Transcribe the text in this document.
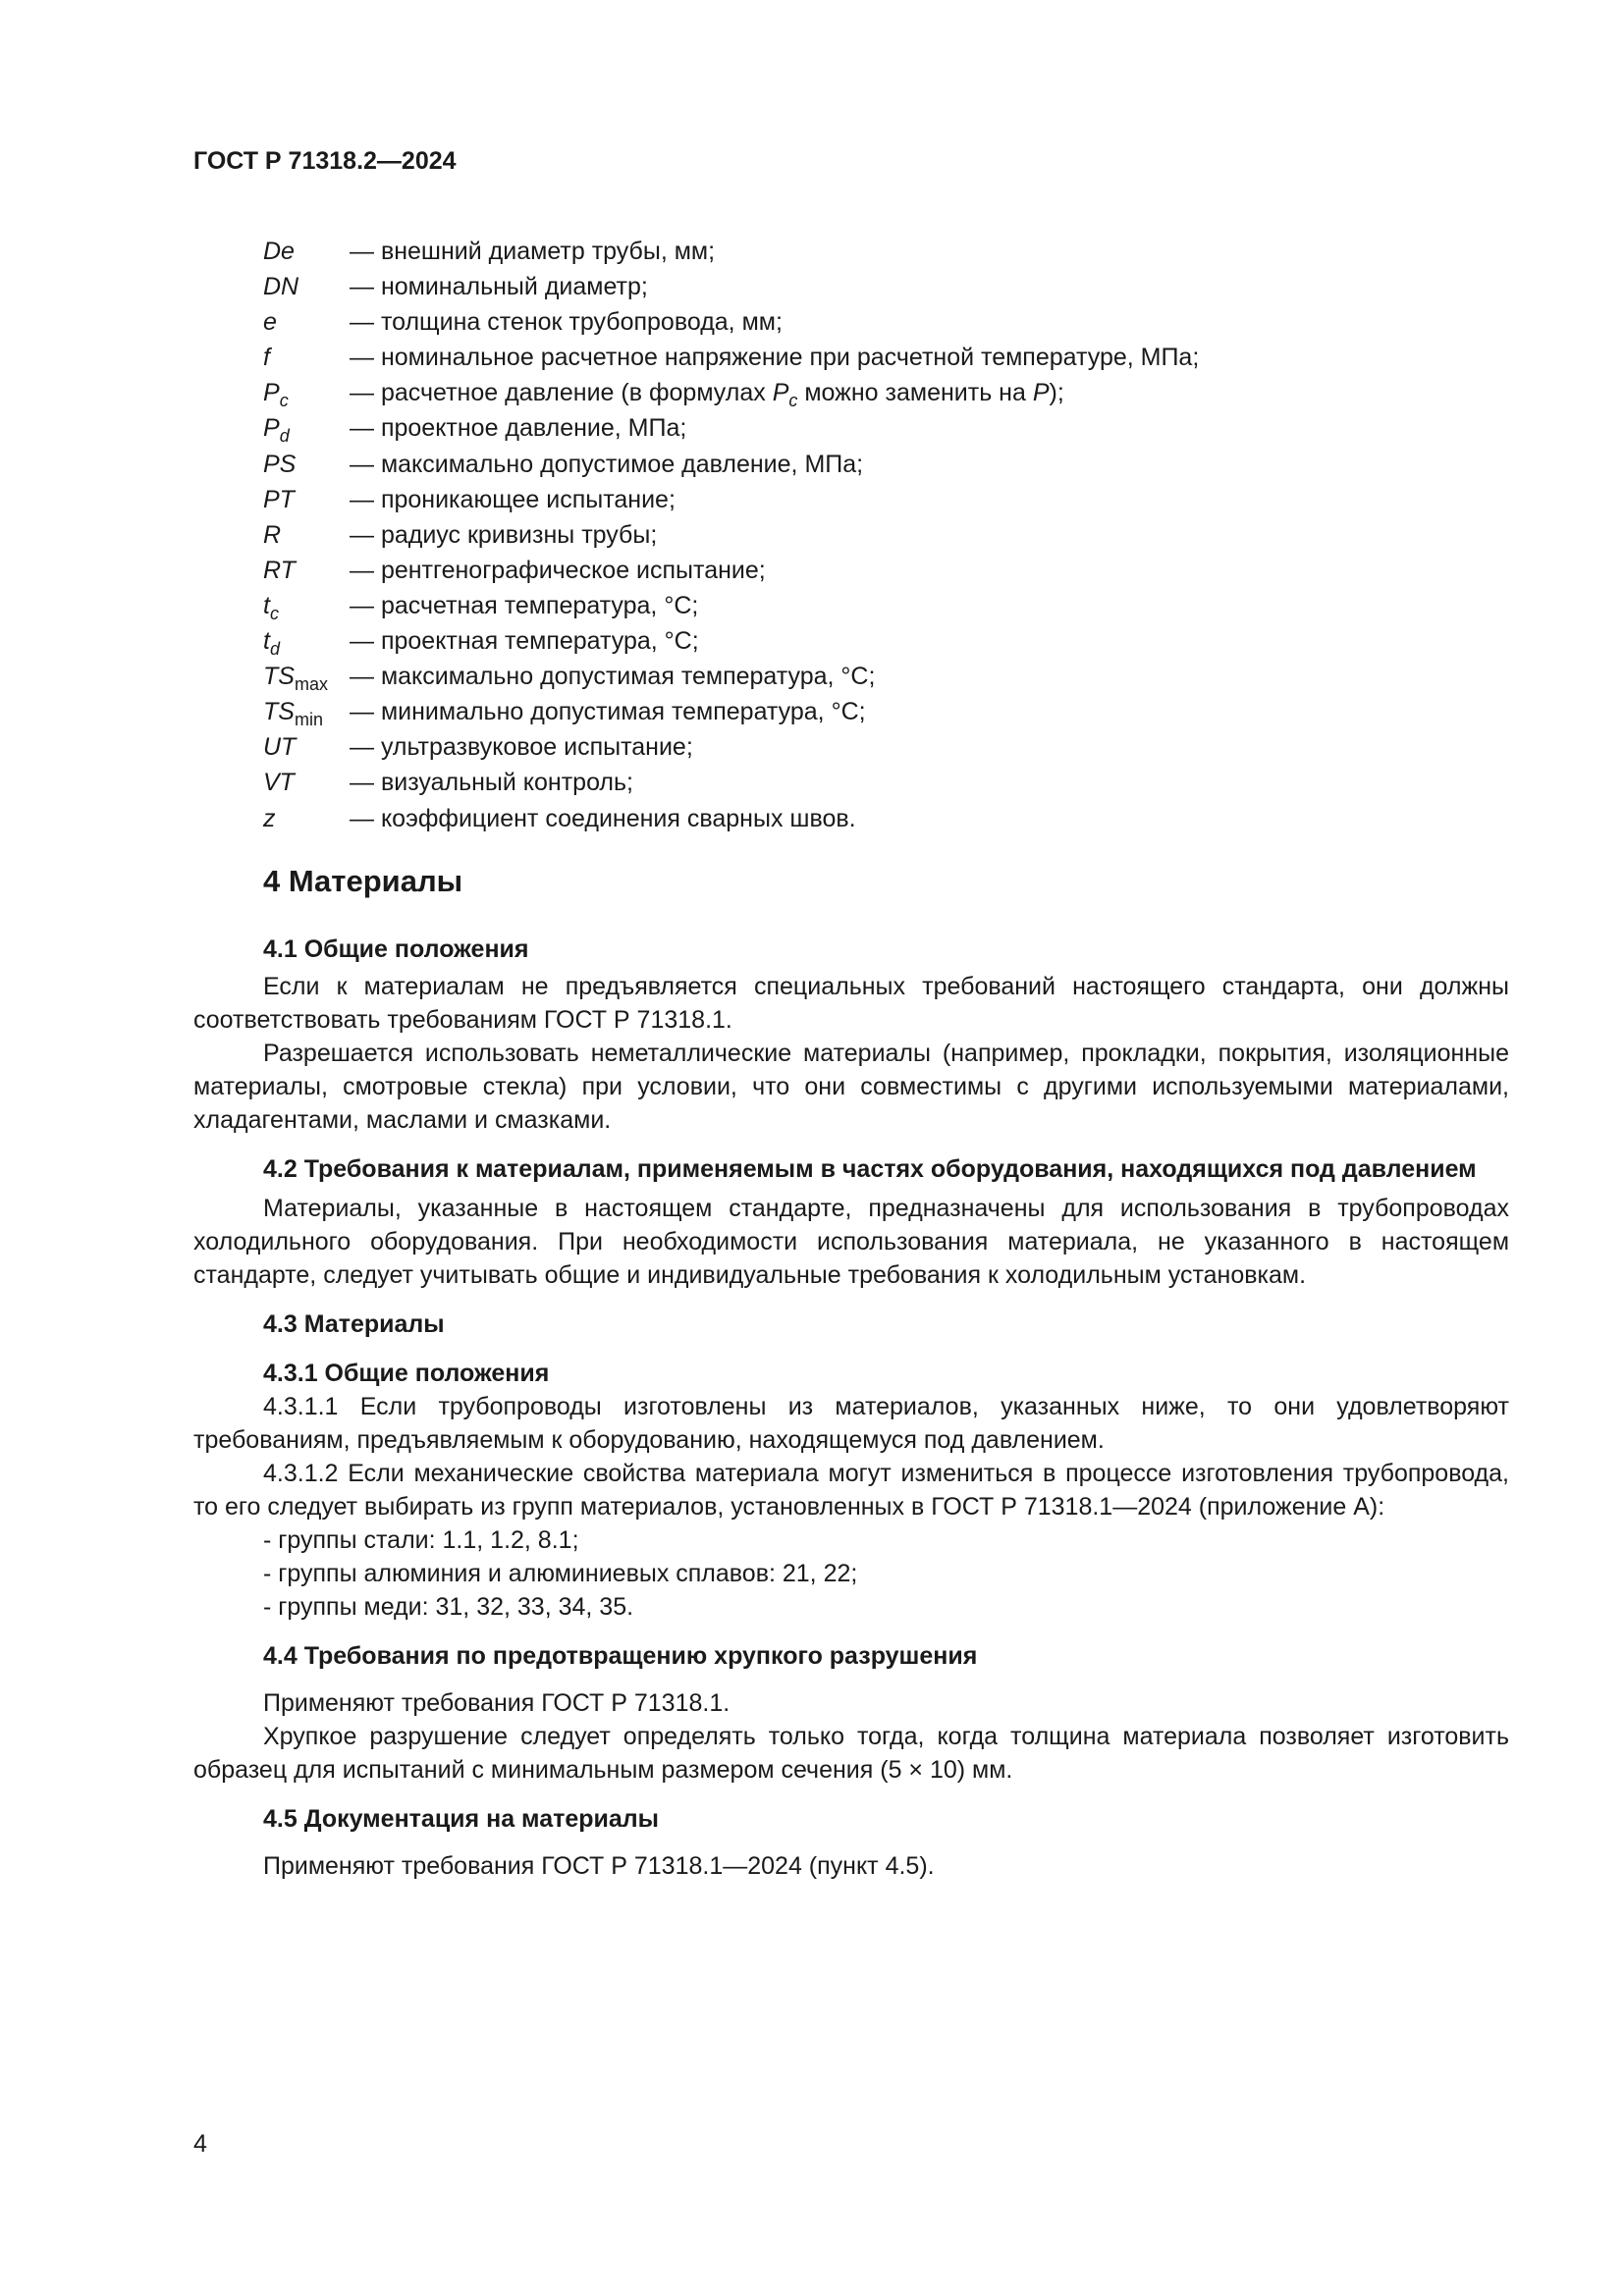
ГОСТ Р 71318.2—2024
De	— внешний диаметр трубы, мм;
DN	— номинальный диаметр;
e	— толщина стенок трубопровода, мм;
f	— номинальное расчетное напряжение при расчетной температуре, МПа;
$P_c$	— расчетное давление (в формулах $P_c$ можно заменить на P);
$P_d$	— проектное давление, МПа;
PS	— максимально допустимое давление, МПа;
PT	— проникающее испытание;
R	— радиус кривизны трубы;
RT	— рентгенографическое испытание;
$t_c$	— расчетная температура, °С;
$t_d$	— проектная температура, °С;
$TS_{max}$ — максимально допустимая температура, °С;
$TS_{min}$	— минимально допустимая температура, °С;
UT	— ультразвуковое испытание;
VT	— визуальный контроль;
z	— коэффициент соединения сварных швов.
4 Материалы
4.1 Общие положения

Если к материалам не предъявляется специальных требований настоящего стандарта, они должны соответствовать требованиям ГОСТ Р 71318.1.

Разрешается использовать неметаллические материалы (например, прокладки, покрытия, изоляционные материалы, смотровые стекла) при условии, что они совместимы с другими используемыми материалами, хладагентами, маслами и смазками.

4.2 Требования к материалам, применяемым в частях оборудования, находящихся под давлением

Материалы, указанные в настоящем стандарте, предназначены для использования в трубопроводах холодильного оборудования. При необходимости использования материала, не указанного в настоящем стандарте, следует учитывать общие и индивидуальные требования к холодильным установкам.

4.3 Материалы
4.3.1 Общие положения

4.3.1.1 Если трубопроводы изготовлены из материалов, указанных ниже, то они удовлетворяют требованиям, предъявляемым к оборудованию, находящемуся под давлением.

4.3.1.2 Если механические свойства материала могут измениться в процессе изготовления трубопровода, то его следует выбирать из групп материалов, установленных в ГОСТ Р 71318.1—2024 (приложение А):

- группы стали: 1.1, 1.2, 8.1;

- группы алюминия и алюминиевых сплавов: 21, 22;

- группы меди: 31, 32, 33, 34, 35.

4.4 Требования по предотвращению хрупкого разрушения

Применяют требования ГОСТ Р 71318.1.

Хрупкое разрушение следует определять только тогда, когда толщина материала позволяет изготовить образец для испытаний с минимальным размером сечения (5 × 10) мм.

4.5 Документация на материалы

Применяют требования ГОСТ Р 71318.1—2024 (пункт 4.5).

4
